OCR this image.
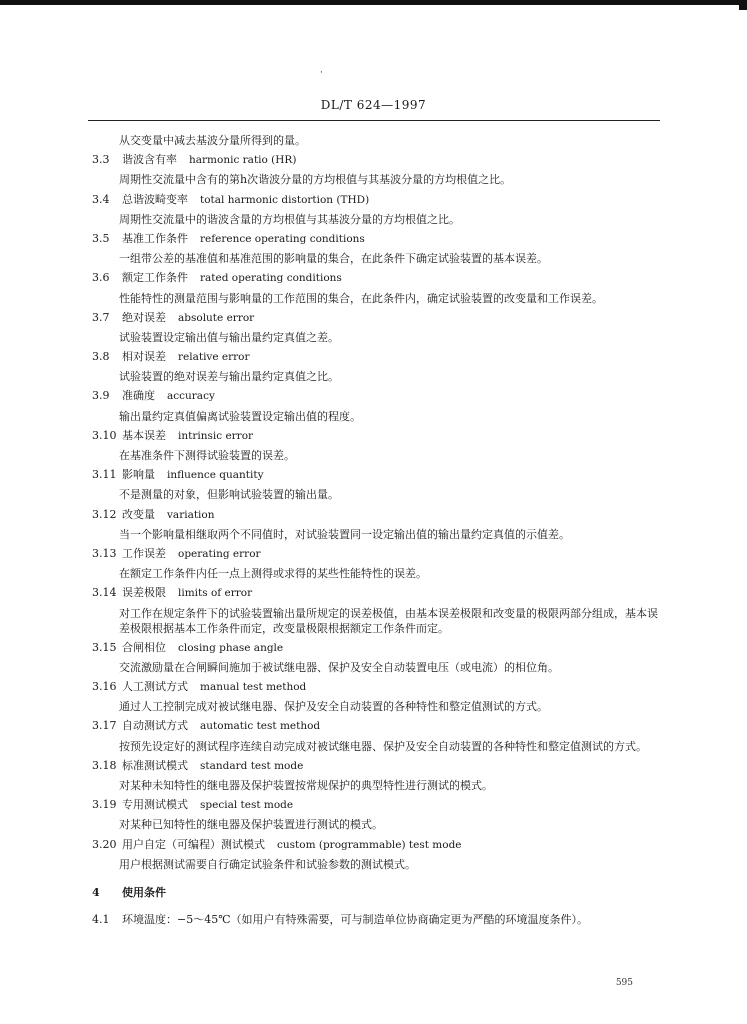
·
DL/T 624—1997
从交变量中减去基波分量所得到的量。
3.3 谐波含有率 harmonic ratio (HR)
周期性交流量中含有的第h次谐波分量的方均根值与其基波分量的方均根值之比。
3.4 总谐波畸变率 total harmonic distortion (THD)
周期性交流量中的谐波含量的方均根值与其基波分量的方均根值之比。
3.5 基准工作条件 reference operating conditions
一组带公差的基准值和基准范围的影响量的集合，在此条件下确定试验装置的基本误差。
3.6 额定工作条件 rated operating conditions
性能特性的测量范围与影响量的工作范围的集合，在此条件内，确定试验装置的改变量和工作误差。
3.7 绝对误差 absolute error
试验装置设定输出值与输出量约定真值之差。
3.8 相对误差 relative error
试验装置的绝对误差与输出量约定真值之比。
3.9 准确度 accuracy
输出量约定真值偏离试验装置设定输出值的程度。
3.10 基本误差 intrinsic error
在基准条件下测得试验装置的误差。
3.11 影响量 influence quantity
不是测量的对象，但影响试验装置的输出量。
3.12 改变量 variation
当一个影响量相继取两个不同值时，对试验装置同一设定输出值的输出量约定真值的示值差。
3.13 工作误差 operating error
在额定工作条件内任一点上测得或求得的某些性能特性的误差。
3.14 误差极限 limits of error
对工作在规定条件下的试验装置输出量所规定的误差极值，由基本误差极限和改变量的极限两部分组成，基本误差极限根据基本工作条件而定，改变量极限根据额定工作条件而定。
3.15 合闸相位 closing phase angle
交流激励量在合闸瞬间施加于被试继电器、保护及安全自动装置电压（或电流）的相位角。
3.16 人工测试方式 manual test method
通过人工控制完成对被试继电器、保护及安全自动装置的各种特性和整定值测试的方式。
3.17 自动测试方式 automatic test method
按预先设定好的测试程序连续自动完成对被试继电器、保护及安全自动装置的各种特性和整定值测试的方式。
3.18 标准测试模式 standard test mode
对某种未知特性的继电器及保护装置按常规保护的典型特性进行测试的模式。
3.19 专用测试模式 special test mode
对某种已知特性的继电器及保护装置进行测试的模式。
3.20 用户自定（可编程）测试模式 custom (programmable) test mode
用户根据测试需要自行确定试验条件和试验参数的测试模式。
4 使用条件
4.1 环境温度：−5～45℃（如用户有特殊需要，可与制造单位协商确定更为严酷的环境温度条件）。
595
